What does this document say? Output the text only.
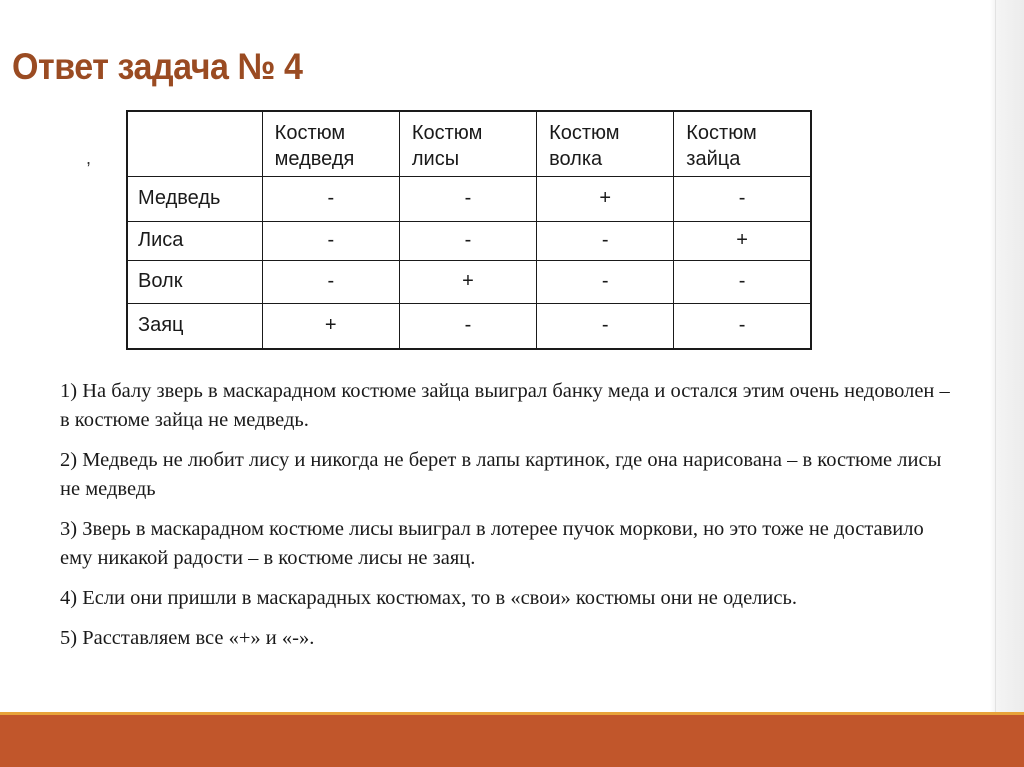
Ответ задача № 4
,
	Костюм медведя	Костюм лисы	Костюм волка	Костюм зайца
Медведь	-	-	+	-
Лиса	-	-	-	+
Волк	-	+	-	-
Заяц	+	-	-	-

1) На балу зверь в маскарадном костюме зайца выиграл банку меда и остался этим очень недоволен – в костюме зайца не медведь.

2) Медведь не любит лису и никогда не берет в лапы картинок, где она нарисована – в костюме лисы не медведь

3) Зверь в маскарадном костюме лисы выиграл в лотерее пучок моркови, но это тоже не доставило ему никакой радости – в костюме лисы не заяц.

4) Если они пришли в маскарадных костюмах, то в «свои» костюмы они не оделись.

5) Расставляем все «+» и «-».
